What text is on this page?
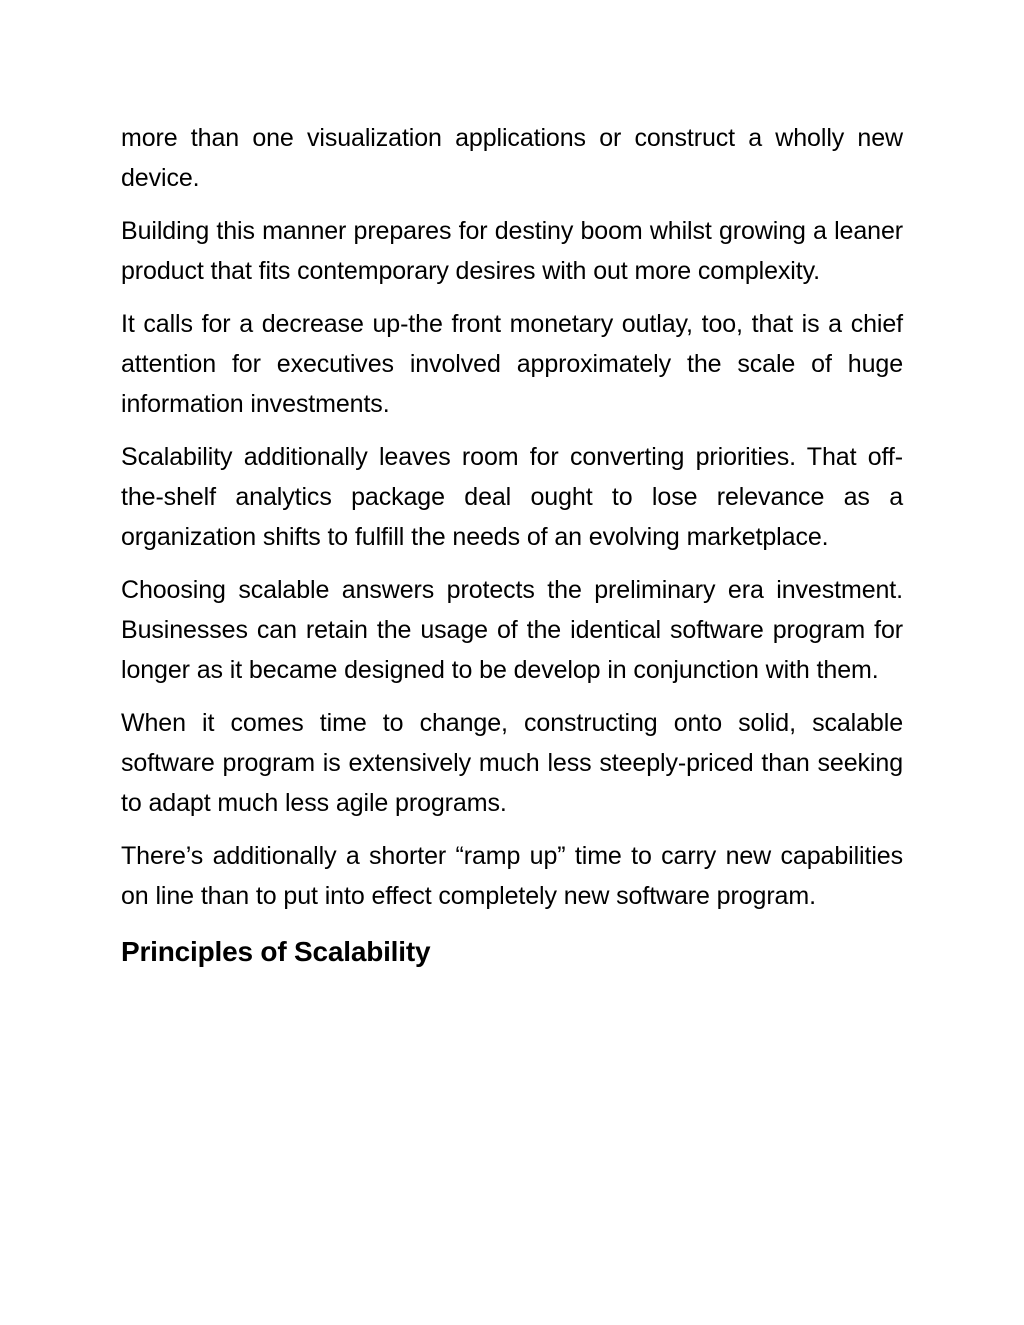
more than one visualization applications or construct a wholly new device.

Building this manner prepares for destiny boom whilst growing a leaner product that fits contemporary desires with out more complexity.

It calls for a decrease up-the front monetary outlay, too, that is a chief attention for executives involved approximately the scale of huge information investments.

Scalability additionally leaves room for converting priorities. That off-the-shelf analytics package deal ought to lose relevance as a organization shifts to fulfill the needs of an evolving marketplace.

Choosing scalable answers protects the preliminary era investment. Businesses can retain the usage of the identical software program for longer as it became designed to be develop in conjunction with them.

When it comes time to change, constructing onto solid, scalable software program is extensively much less steeply-priced than seeking to adapt much less agile programs.

There’s additionally a shorter “ramp up” time to carry new capabilities on line than to put into effect completely new software program.

Principles of Scalability
